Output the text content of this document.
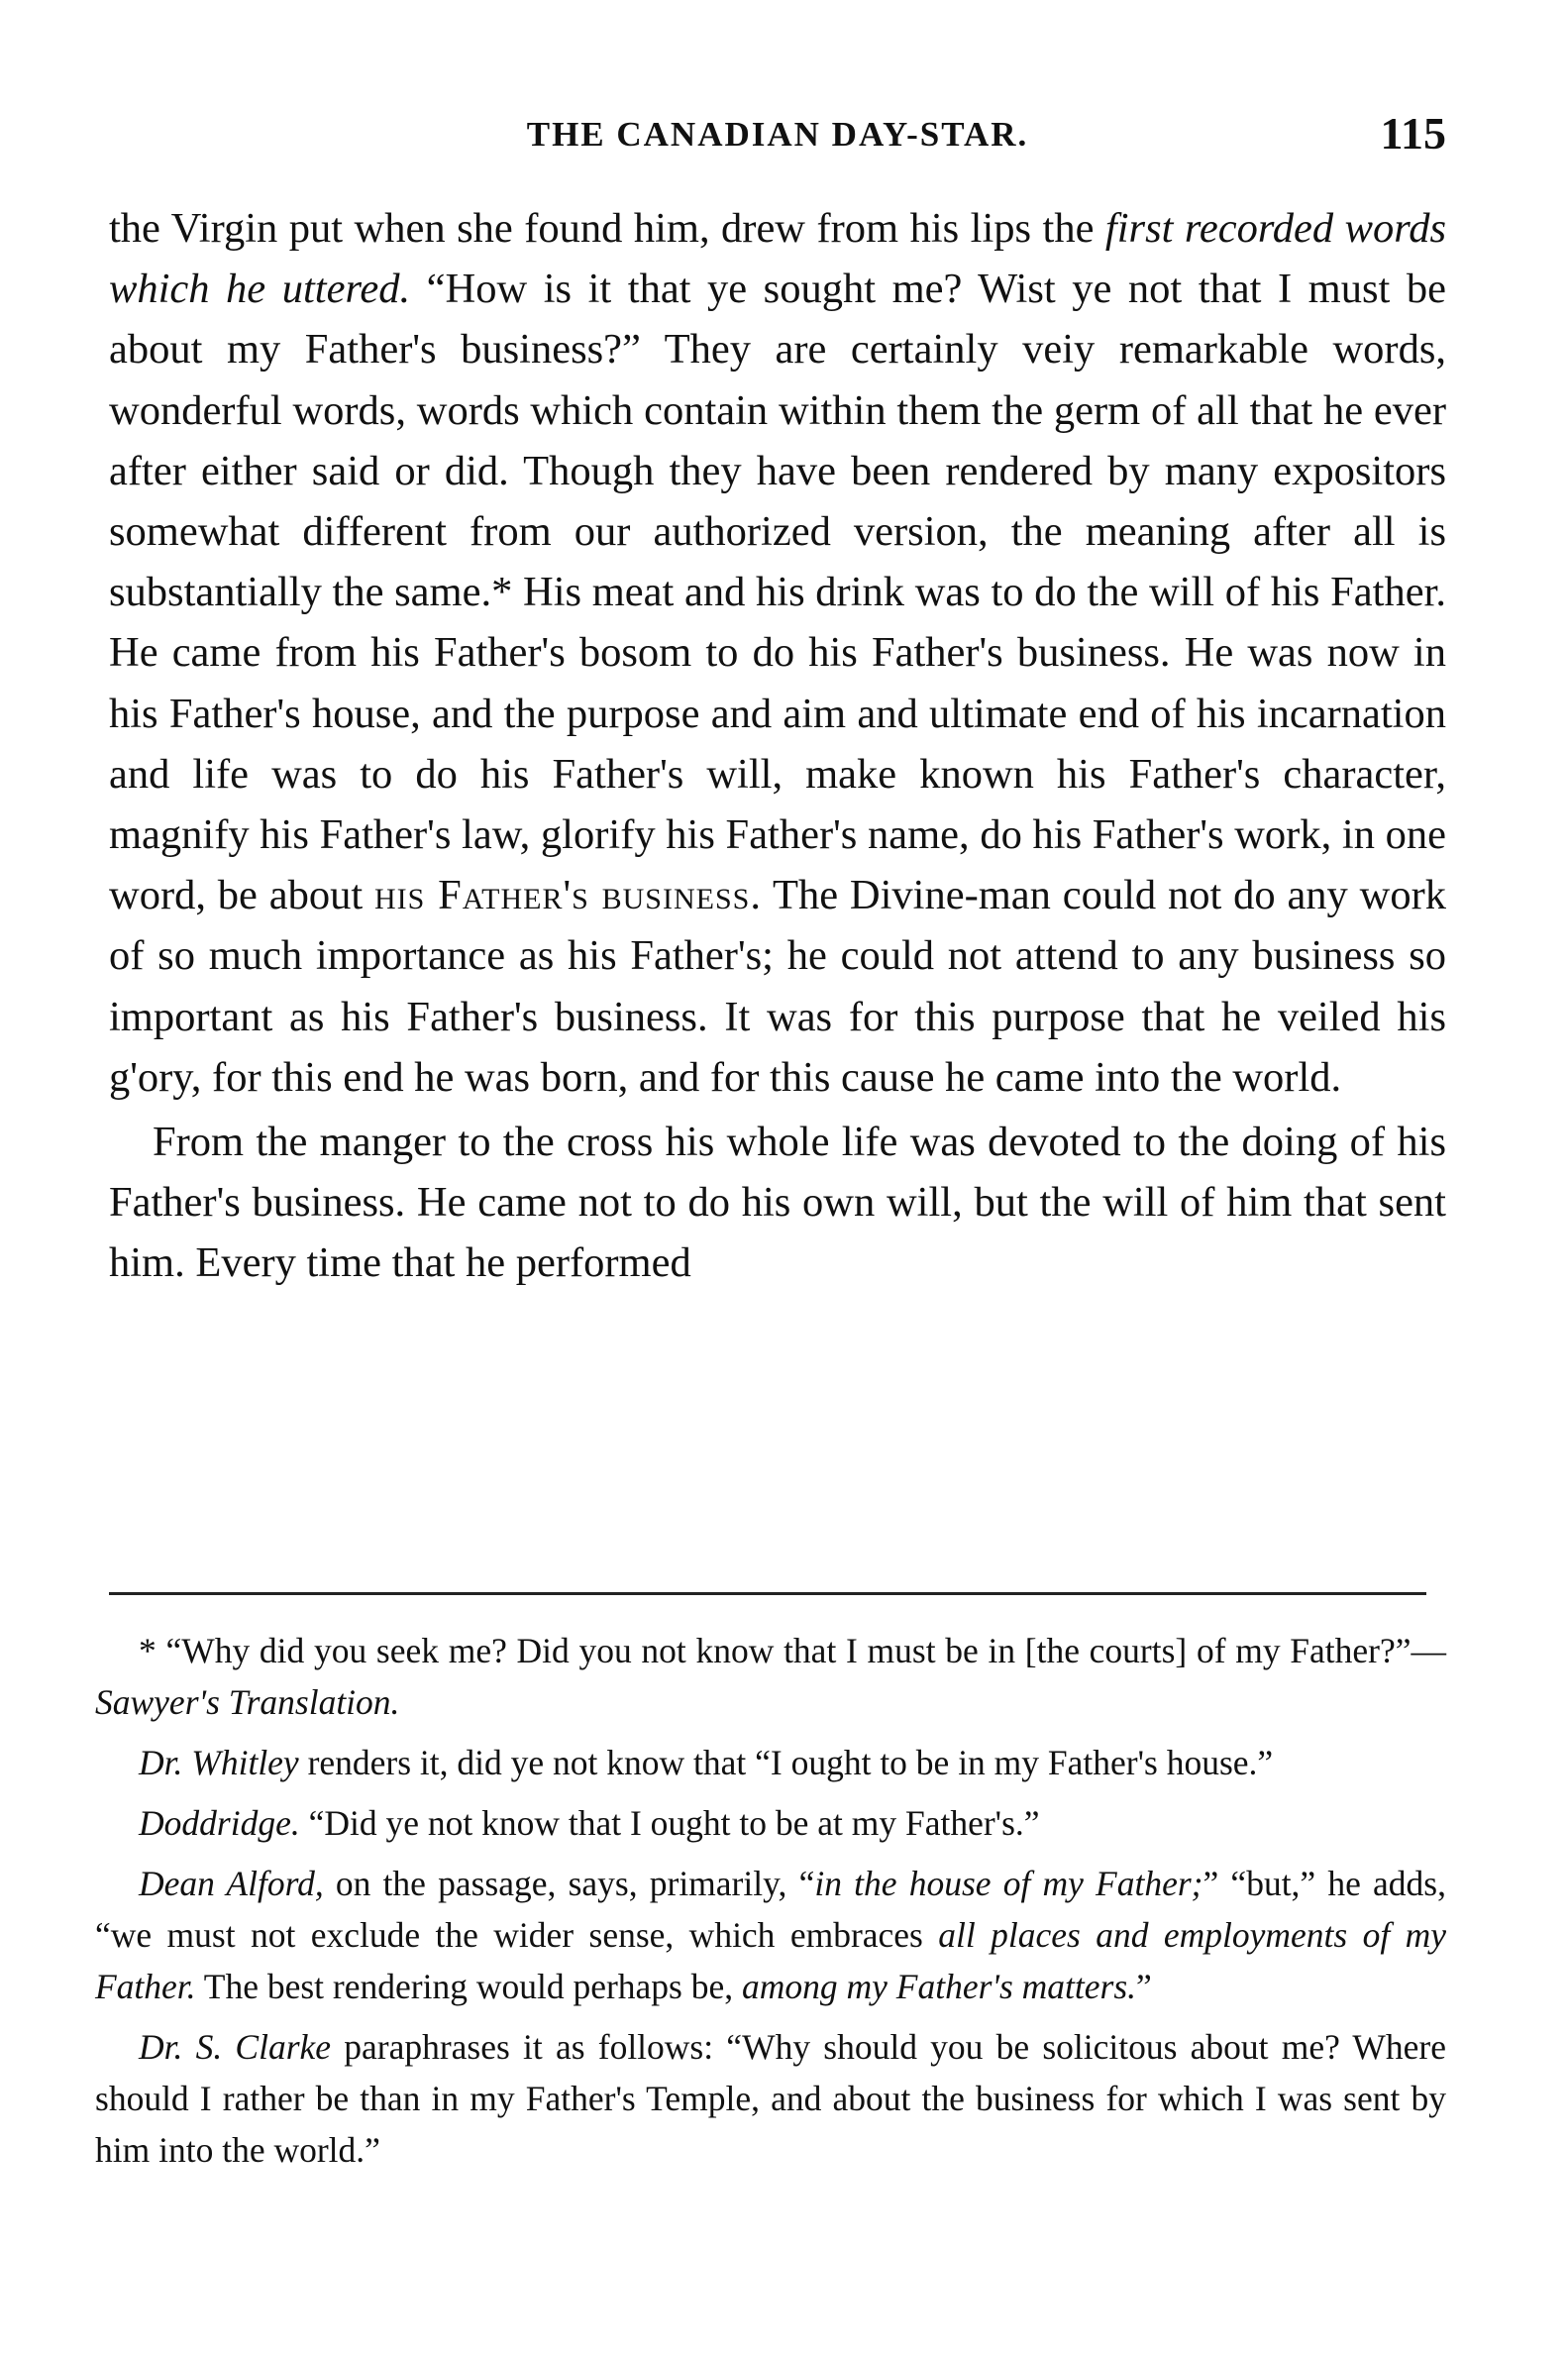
THE CANADIAN DAY-STAR.	115

the Virgin put when she found him, drew from his lips the first recorded words which he uttered. “How is it that ye sought me? Wist ye not that I must be about my Father's business?” They are certainly veiy remarkable words, wonderful words, words which contain within them the germ of all that he ever after either said or did. Though they have been rendered by many expositors somewhat different from our authorized version, the meaning after all is substantially the same.* His meat and his drink was to do the will of his Father. He came from his Father's bosom to do his Father's business. He was now in his Father's house, and the purpose and aim and ultimate end of his incarnation and life was to do his Father's will, make known his Father's character, magnify his Father's law, glorify his Father's name, do his Father's work, in one word, be about his Father's business. The Divine-man could not do any work of so much importance as his Father's; he could not attend to any business so important as his Father's business. It was for this purpose that he veiled his g'ory, for this end he was born, and for this cause he came into the world.

From the manger to the cross his whole life was devoted to the doing of his Father's business. He came not to do his own will, but the will of him that sent him. Every time that he performed

* “Why did you seek me? Did you not know that I must be in [the courts] of my Father?”—Sawyer's Translation.

Dr. Whitley renders it, did ye not know that “I ought to be in my Father's house.”

Doddridge. “Did ye not know that I ought to be at my Father's.”

Dean Alford, on the passage, says, primarily, “in the house of my Father;” “but,” he adds, “we must not exclude the wider sense, which embraces all places and employments of my Father. The best rendering would perhaps be, among my Father's matters.”

Dr. S. Clarke paraphrases it as follows: “Why should you be solicitous about me? Where should I rather be than in my Father's Temple, and about the business for which I was sent by him into the world.”
